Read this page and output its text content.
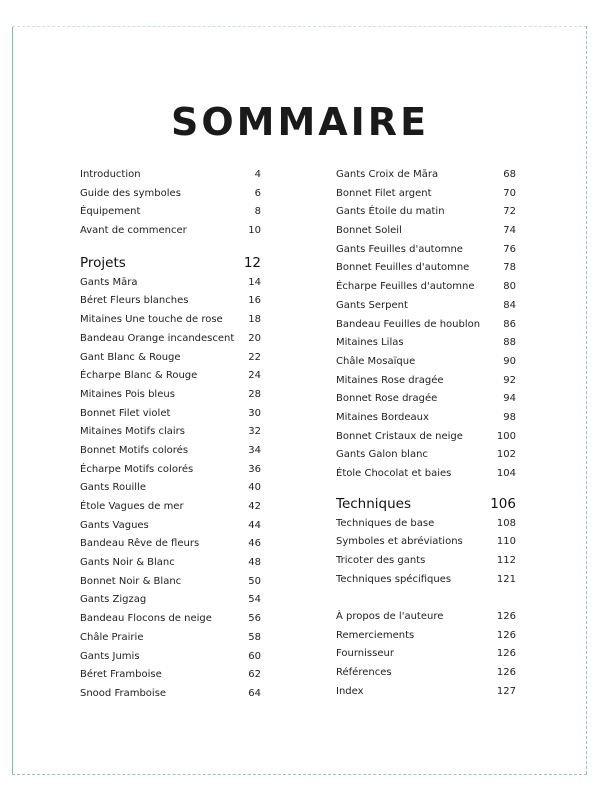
SOMMAIRE
Introduction	4
Guide des symboles	6
Équipement	8
Avant de commencer	10
Projets	12
Gants Māra	14
Béret Fleurs blanches	16
Mitaines Une touche de rose	18
Bandeau Orange incandescent 20
Gant Blanc & Rouge	22
Écharpe Blanc & Rouge	24
Mitaines Pois bleus	28
Bonnet Filet violet	30
Mitaines Motifs clairs	32
Bonnet Motifs colorés	34
Écharpe Motifs colorés	36
Gants Rouille	40
Étole Vagues de mer	42
Gants Vagues	44
Bandeau Rêve de fleurs	46
Gants Noir & Blanc	48
Bonnet Noir & Blanc	50
Gants Zigzag	54
Bandeau Flocons de neige	56
Châle Prairie	58
Gants Jumis	60
Béret Framboise	62
Snood Framboise	64
Gants Croix de Māra	68
Bonnet Filet argent	70
Gants Étoile du matin	72
Bonnet Soleil	74
Gants Feuilles d'automne	76
Bonnet Feuilles d'automne	78
Écharpe Feuilles d'automne	80
Gants Serpent	84
Bandeau Feuilles de houblon 86
Mitaines Lilas	88
Châle Mosaïque	90
Mitaines Rose dragée	92
Bonnet Rose dragée	94
Mitaines Bordeaux	98
Bonnet Cristaux de neige	100
Gants Galon blanc	102
Étole Chocolat et baies	104
Techniques	106
Techniques de base	108
Symboles et abréviations	110
Tricoter des gants	112
Techniques spécifiques	121
À propos de l'auteure	126
Remerciements	126
Fournisseur	126
Références	126
Index	127
